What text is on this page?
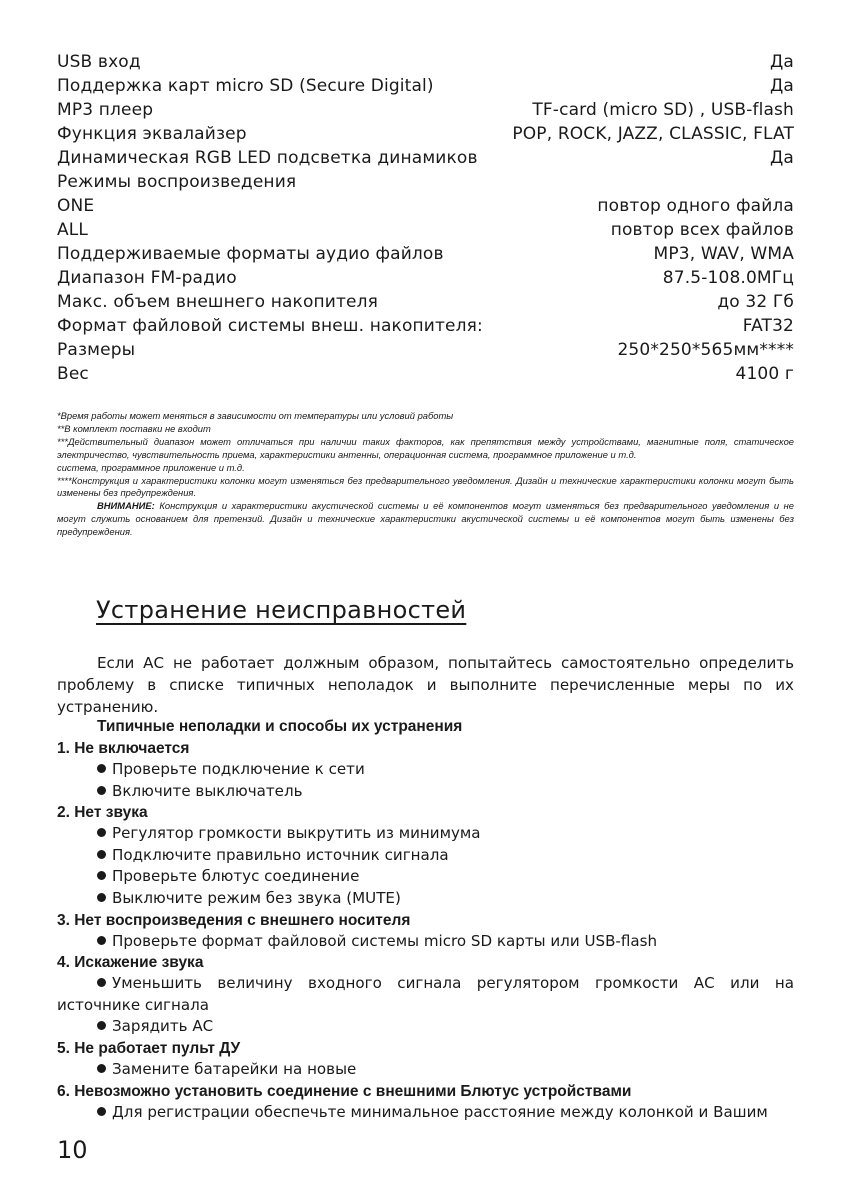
USB вход	Да
Поддержка карт micro SD (Secure Digital)	Да
MP3 плеер	TF-card (micro SD) , USB-flash
Функция эквалайзер	POP, ROCK, JAZZ, CLASSIC, FLAT
Динамическая RGB LED подсветка динамиков	Да
Режимы воспроизведения
ONE	повтор одного файла
ALL	повтор всех файлов
Поддерживаемые форматы аудио файлов	MP3, WAV, WMA
Диапазон FM-радио	87.5-108.0МГц
Макс. объем внешнего накопителя	до 32 Гб
Формат файловой системы внеш. накопителя:	FAT32
Размеры	250*250*565мм****
Вес	4100 г

*Время работы может меняться в зависимости от температуры или условий работы

**В комплект поставки не входит

***Действительный диапазон может отличаться при наличии таких факторов, как препятствия между устройствами, магнитные поля, статическое электричество, чувствительность приема, характеристики антенны, операционная система, программное приложение и т.д.

система, программное приложение и т.д.

****Конструкция и характеристики колонки могут изменяться без предварительного уведомления. Дизайн и технические характеристики колонки могут быть изменены без предупреждения.

ВНИМАНИЕ: Конструкция и характеристики акустической системы и её компонентов могут изменяться без предварительного уведомления и не могут служить основанием для претензий. Дизайн и технические характеристики акустической системы и её компонентов могут быть изменены без предупреждения.

Устранение неисправностей

Если АС не работает должным образом, попытайтесь самостоятельно определить проблему в списке типичных неполадок и выполните перечисленные меры по их устранению.

Типичные неполадки и способы их устранения
1. Не включается
Проверьте подключение к сети
Включите выключатель
2. Нет звука
Регулятор громкости выкрутить из минимума
Подключите правильно источник сигнала
Проверьте блютус соединение
Выключите режим без звука (MUTE)
3. Нет воспроизведения с внешнего носителя
Проверьте формат файловой системы micro SD карты или USB-flash
4. Искажение звука
Уменьшить величину входного сигнала регулятором громкости АС или на источнике сигнала
Зарядить АС
5. Не работает пульт ДУ
Замените батарейки на новые
6. Невозможно установить соединение с внешними Блютус устройствами
Для регистрации обеспечьте минимальное расстояние между колонкой и Вашим
10
